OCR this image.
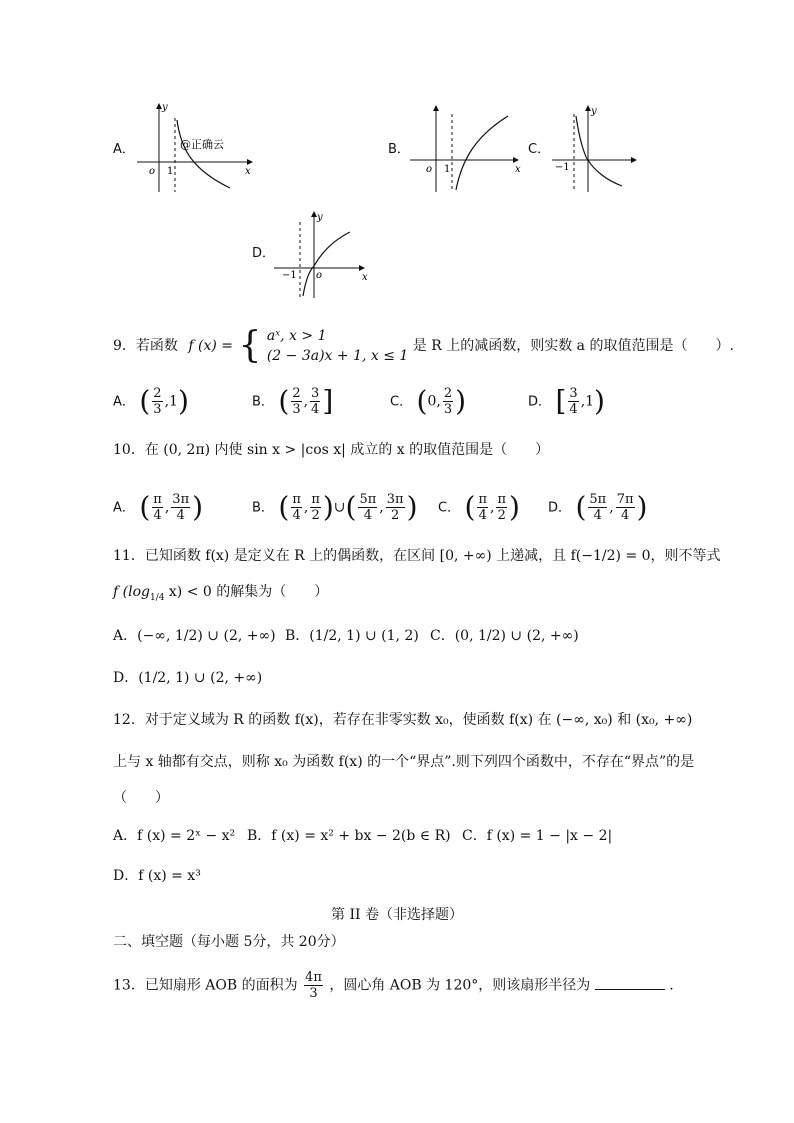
A．
o 1	x
y
@正确云	B．
o 1	x
C．
−1
y
D．
−1 o	x
y
9．若函数 f (x) = { aˣ, x > 1
(2 − 3a)x + 1, x ≤ 1
是 R 上的减函数，则实数 a 的取值范围是（　　）.
A． ( $\frac{2}{3} ,1$)	B． ( $\frac{2}{3}$ , $\frac{3}{4}$ ]	C． (0, $\frac{2}{3}$ )	D． [ $\frac{3}{4} ,1$)
10．在 (0, 2π) 内使 sin x > |cos x| 成立的 x 的取值范围是（　　）
A． ( $\frac{\pi}{4}$ , $\frac{3\pi}{4}$ )	B． ( $\frac{\pi}{4}$ , $\frac{\pi}{2}$ )∪( $\frac{5\pi}{4}$ , $\frac{3\pi}{2}$ ) C． ( $\frac{\pi}{4}$ , $\frac{\pi}{2}$ ) D． ( $\frac{5\pi}{4}$ , $\frac{7\pi}{4}$ )
11．已知函数 f(x) 是定义在 R 上的偶函数，在区间 [0, +∞) 上递减，且 f(−1/2) = 0，则不等式
f ($\log_{1/4}$ x) < 0 的解集为（　　）
A．(−∞, 1/2) ∪ (2, +∞) B．(1/2, 1) ∪ (1, 2) C．(0, 1/2) ∪ (2, +∞)
D．(1/2, 1) ∪ (2, +∞)
12．对于定义域为 R 的函数 f(x)，若存在非零实数 x₀，使函数 f(x) 在 (−∞, x₀) 和 (x₀, +∞)
上与 x 轴都有交点，则称 x₀ 为函数 f(x) 的一个“界点”.则下列四个函数中，不存在“界点”的是
（　　）
A．f (x) = 2ˣ − x² B．f (x) = x² + bx − 2(b ∈ R) C．f (x) = 1 − |x − 2|
D．f (x) = x³
第 II 卷（非选择题）
二、填空题（每小题 5分，共 20分）
13．已知扇形 AOB 的面积为 $\frac{4\pi}{3}$ ，圆心角 AOB 为 120°，则该扇形半径为	.
